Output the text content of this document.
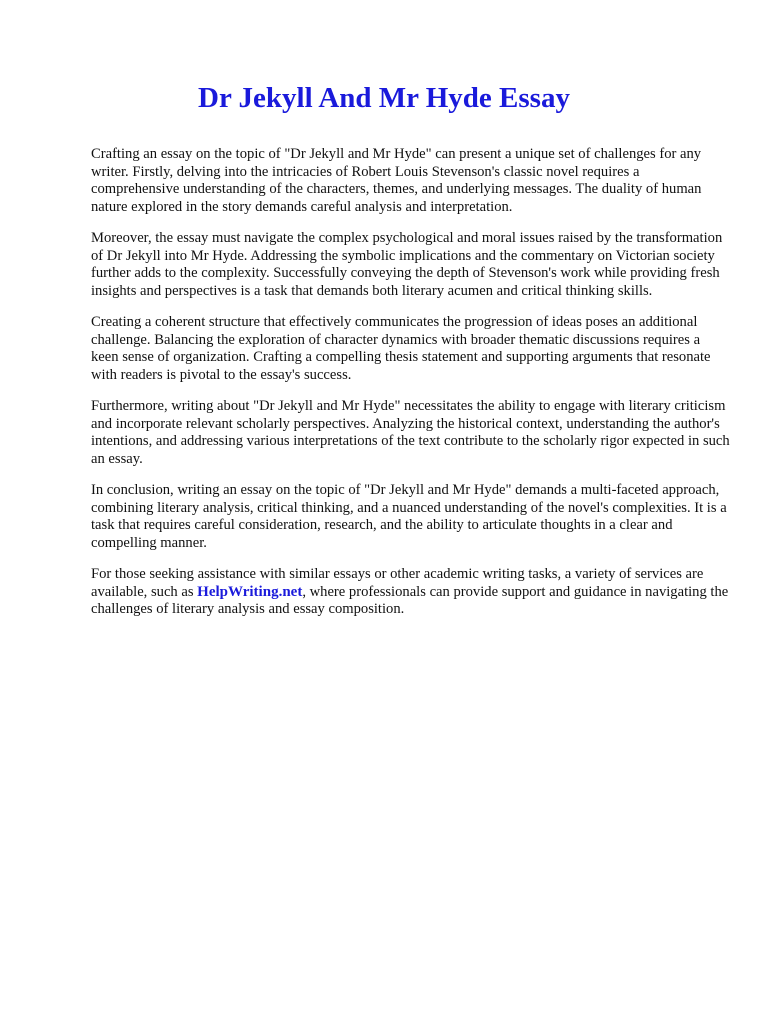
Dr Jekyll And Mr Hyde Essay

Crafting an essay on the topic of "Dr Jekyll and Mr Hyde" can present a unique set of challenges for any writer. Firstly, delving into the intricacies of Robert Louis Stevenson's classic novel requires a comprehensive understanding of the characters, themes, and underlying messages. The duality of human nature explored in the story demands careful analysis and interpretation.

Moreover, the essay must navigate the complex psychological and moral issues raised by the transformation of Dr Jekyll into Mr Hyde. Addressing the symbolic implications and the commentary on Victorian society further adds to the complexity. Successfully conveying the depth of Stevenson's work while providing fresh insights and perspectives is a task that demands both literary acumen and critical thinking skills.

Creating a coherent structure that effectively communicates the progression of ideas poses an additional challenge. Balancing the exploration of character dynamics with broader thematic discussions requires a keen sense of organization. Crafting a compelling thesis statement and supporting arguments that resonate with readers is pivotal to the essay's success.

Furthermore, writing about "Dr Jekyll and Mr Hyde" necessitates the ability to engage with literary criticism and incorporate relevant scholarly perspectives. Analyzing the historical context, understanding the author's intentions, and addressing various interpretations of the text contribute to the scholarly rigor expected in such an essay.

In conclusion, writing an essay on the topic of "Dr Jekyll and Mr Hyde" demands a multi-faceted approach, combining literary analysis, critical thinking, and a nuanced understanding of the novel's complexities. It is a task that requires careful consideration, research, and the ability to articulate thoughts in a clear and compelling manner.

For those seeking assistance with similar essays or other academic writing tasks, a variety of services are available, such as HelpWriting.net, where professionals can provide support and guidance in navigating the challenges of literary analysis and essay composition.
